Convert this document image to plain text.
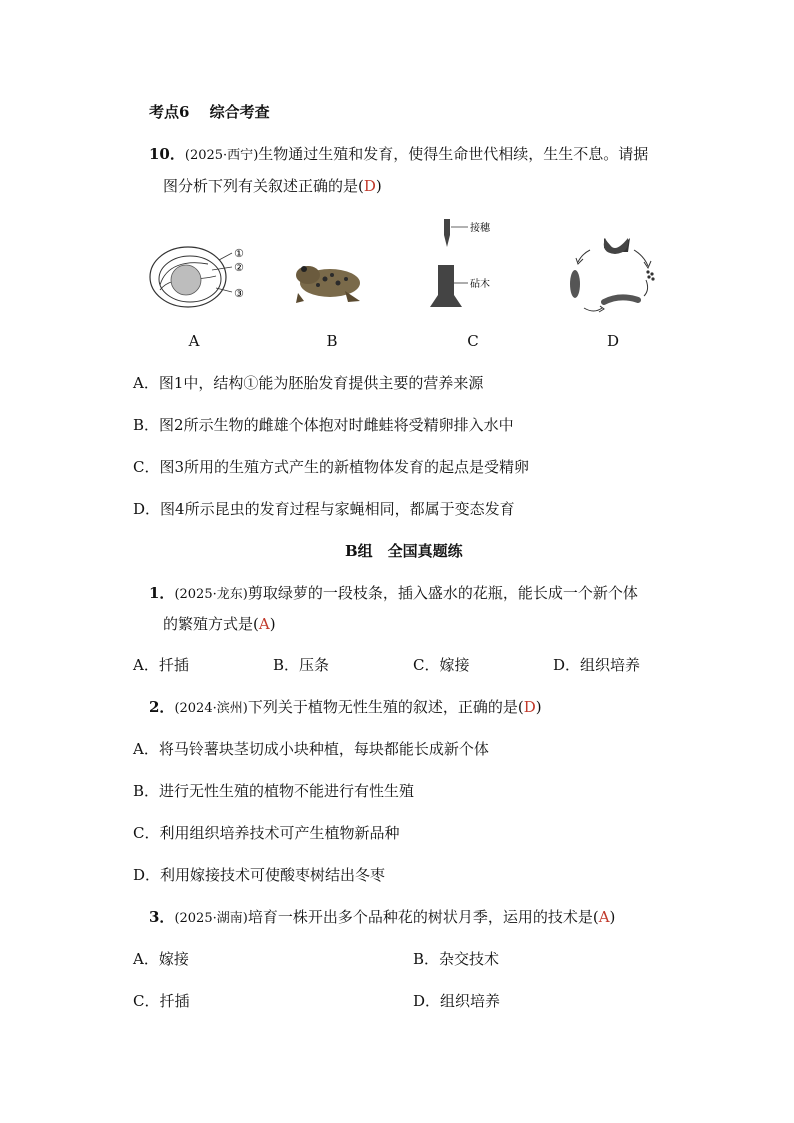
考点6　 综合考查
10．(2025·西宁)生物通过生殖和发育，使得生命世代相续，生生不息。请据
图分析下列有关叙述正确的是(D)
①
②
③
接穗
砧木
A	B	C	D
A．图1中，结构①能为胚胎发育提供主要的营养来源
B．图2所示生物的雌雄个体抱对时雌蛙将受精卵排入水中
C．图3所用的生殖方式产生的新植物体发育的起点是受精卵
D．图4所示昆虫的发育过程与家蝇相同，都属于变态发育
B组　全国真题练
1．(2025·龙东)剪取绿萝的一段枝条，插入盛水的花瓶，能长成一个新个体
的繁殖方式是(A)
A．扦插	B．压条	C．嫁接	D．组织培养
2．(2024·滨州)下列关于植物无性生殖的叙述，正确的是(D)
A．将马铃薯块茎切成小块种植，每块都能长成新个体
B．进行无性生殖的植物不能进行有性生殖
C．利用组织培养技术可产生植物新品种
D．利用嫁接技术可使酸枣树结出冬枣
3．(2025·湖南)培育一株开出多个品种花的树状月季，运用的技术是(A)
A．嫁接	B．杂交技术
C．扦插	D．组织培养
